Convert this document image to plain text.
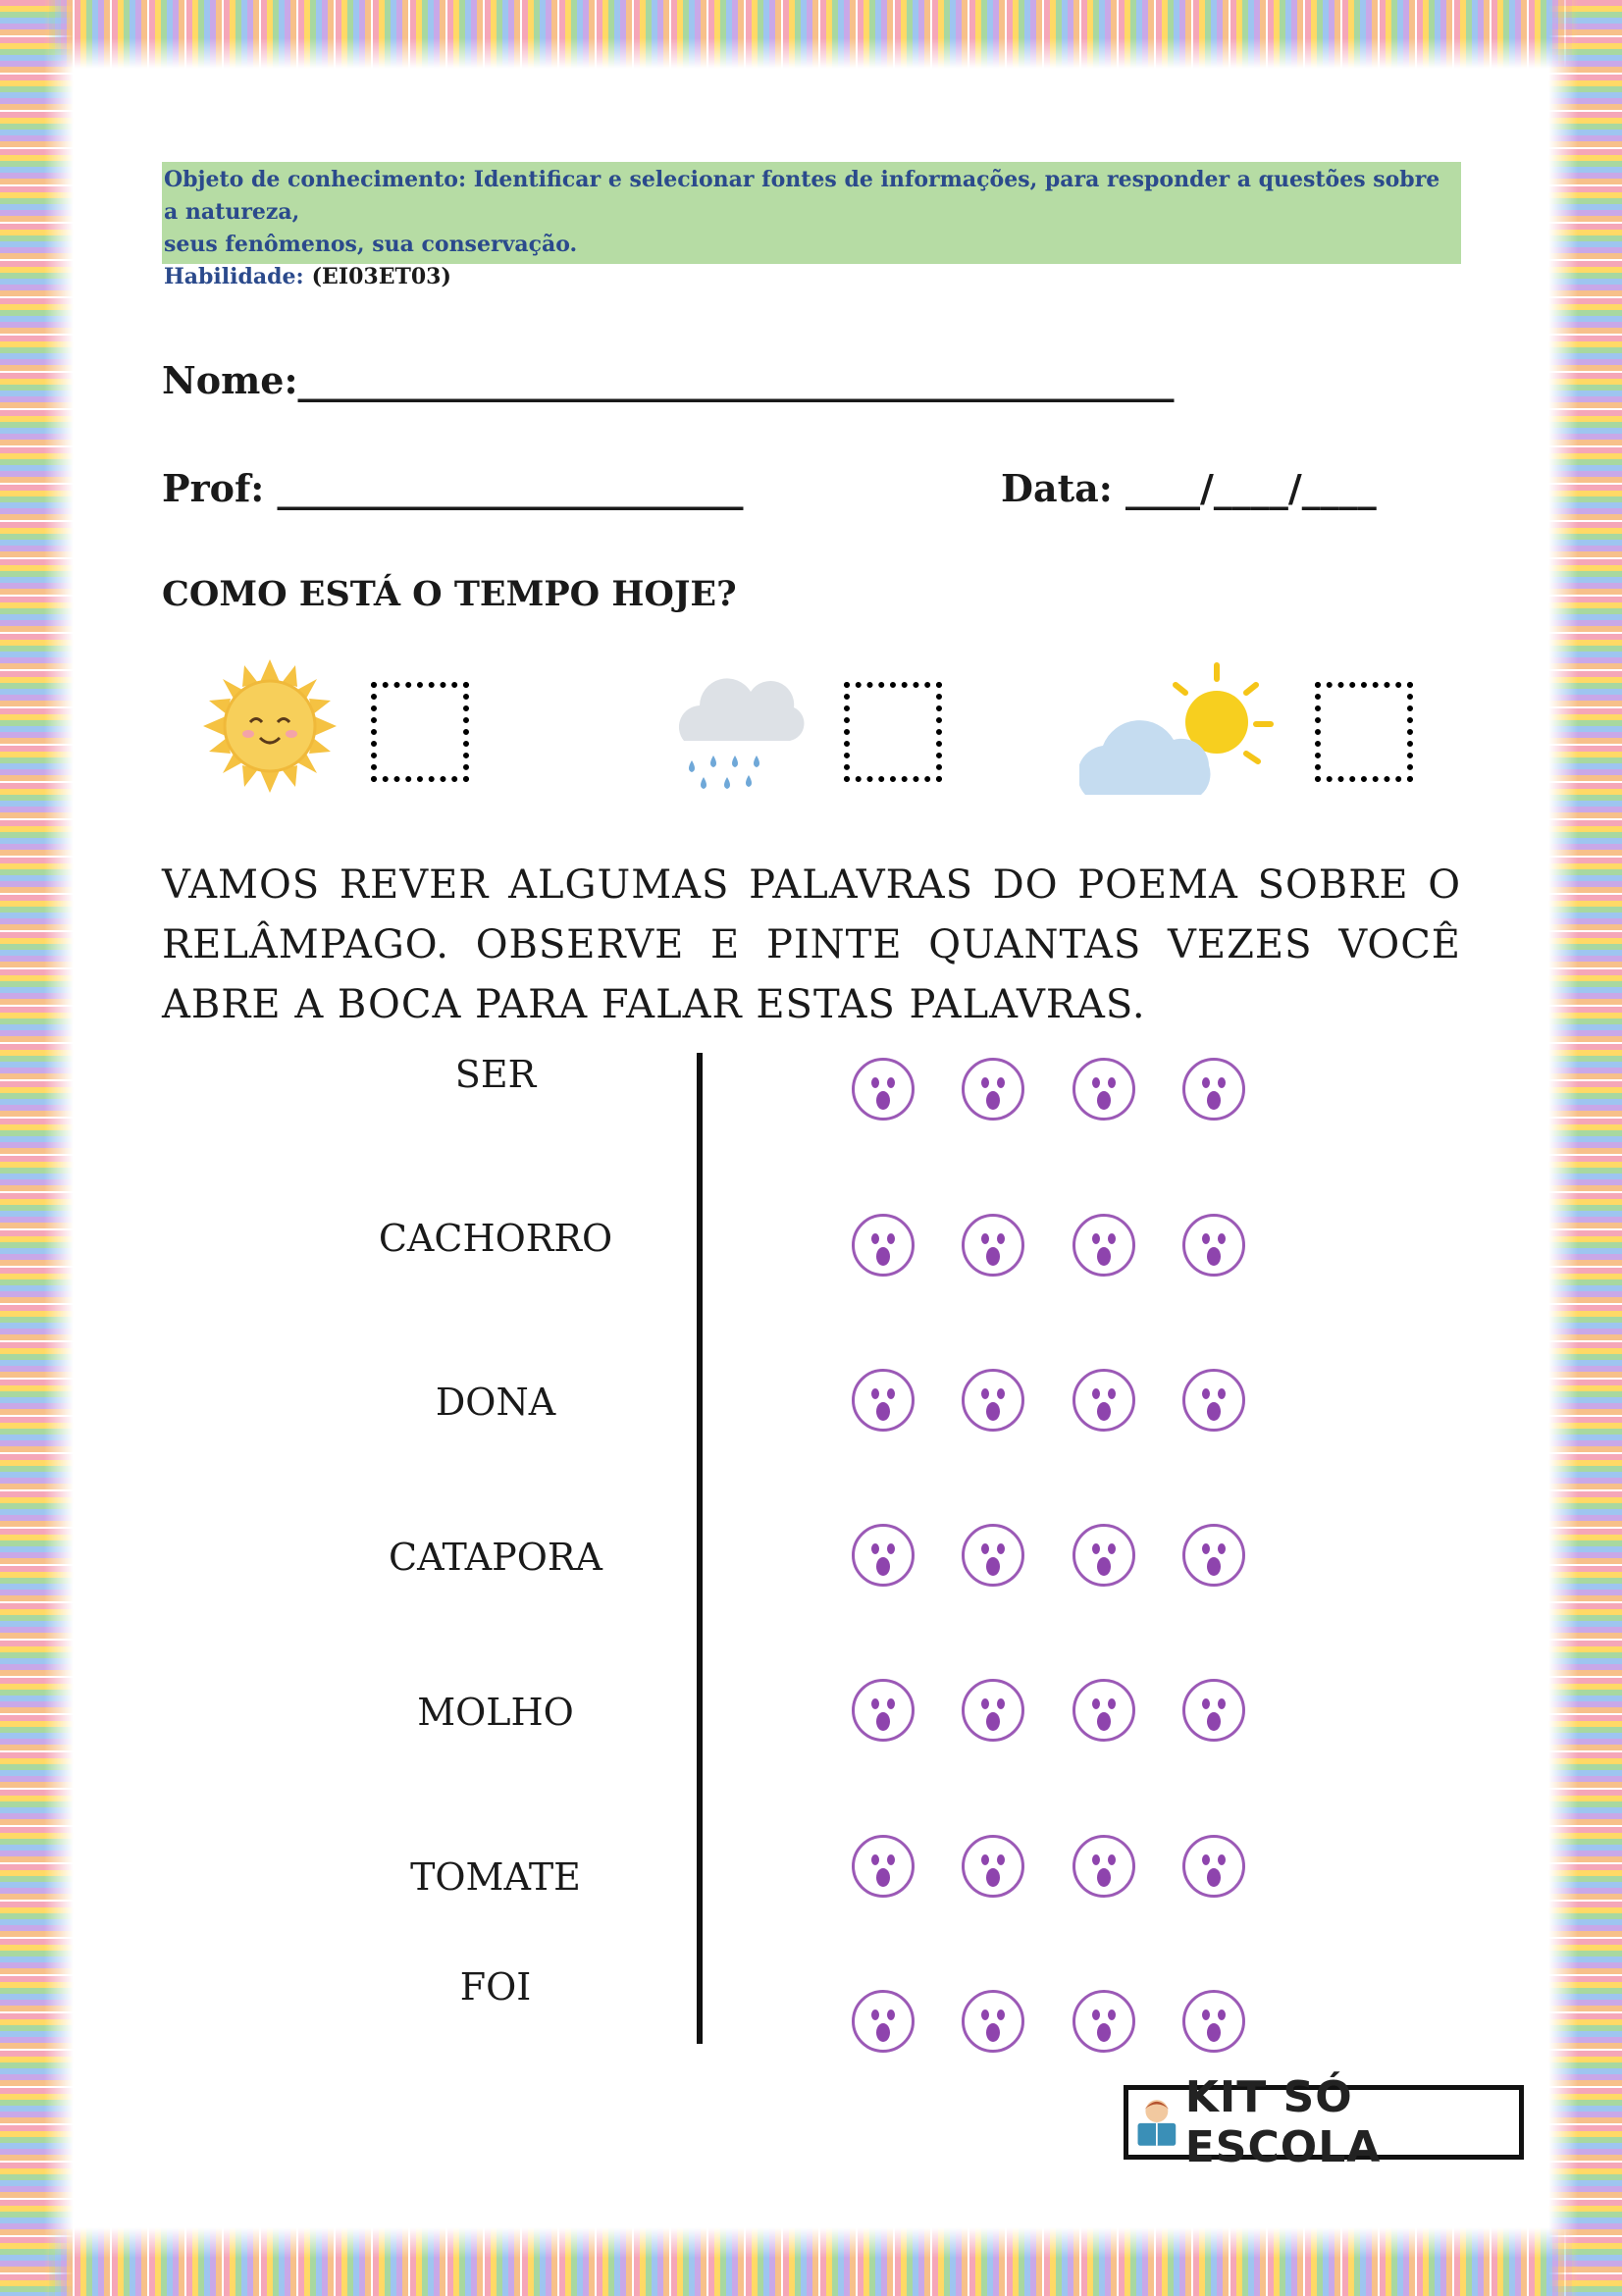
Objeto de conhecimento: Identificar e selecionar fontes de informações, para responder a questões sobre a natureza,
seus fenômenos, sua conservação.
Habilidade: (EI03ET03)
Nome:_______________________________________________
Prof: _________________________	Data: ____/____/____
COMO ESTÁ O TEMPO HOJE?
VAMOS REVER ALGUMAS PALAVRAS DO POEMA SOBRE O RELÂMPAGO. OBSERVE E PINTE QUANTAS VEZES VOCÊ ABRE A BOCA PARA FALAR ESTAS PALAVRAS.
SER
CACHORRO
DONA
CATAPORA
MOLHO
TOMATE
FOI
KIT SÓ ESCOLA
